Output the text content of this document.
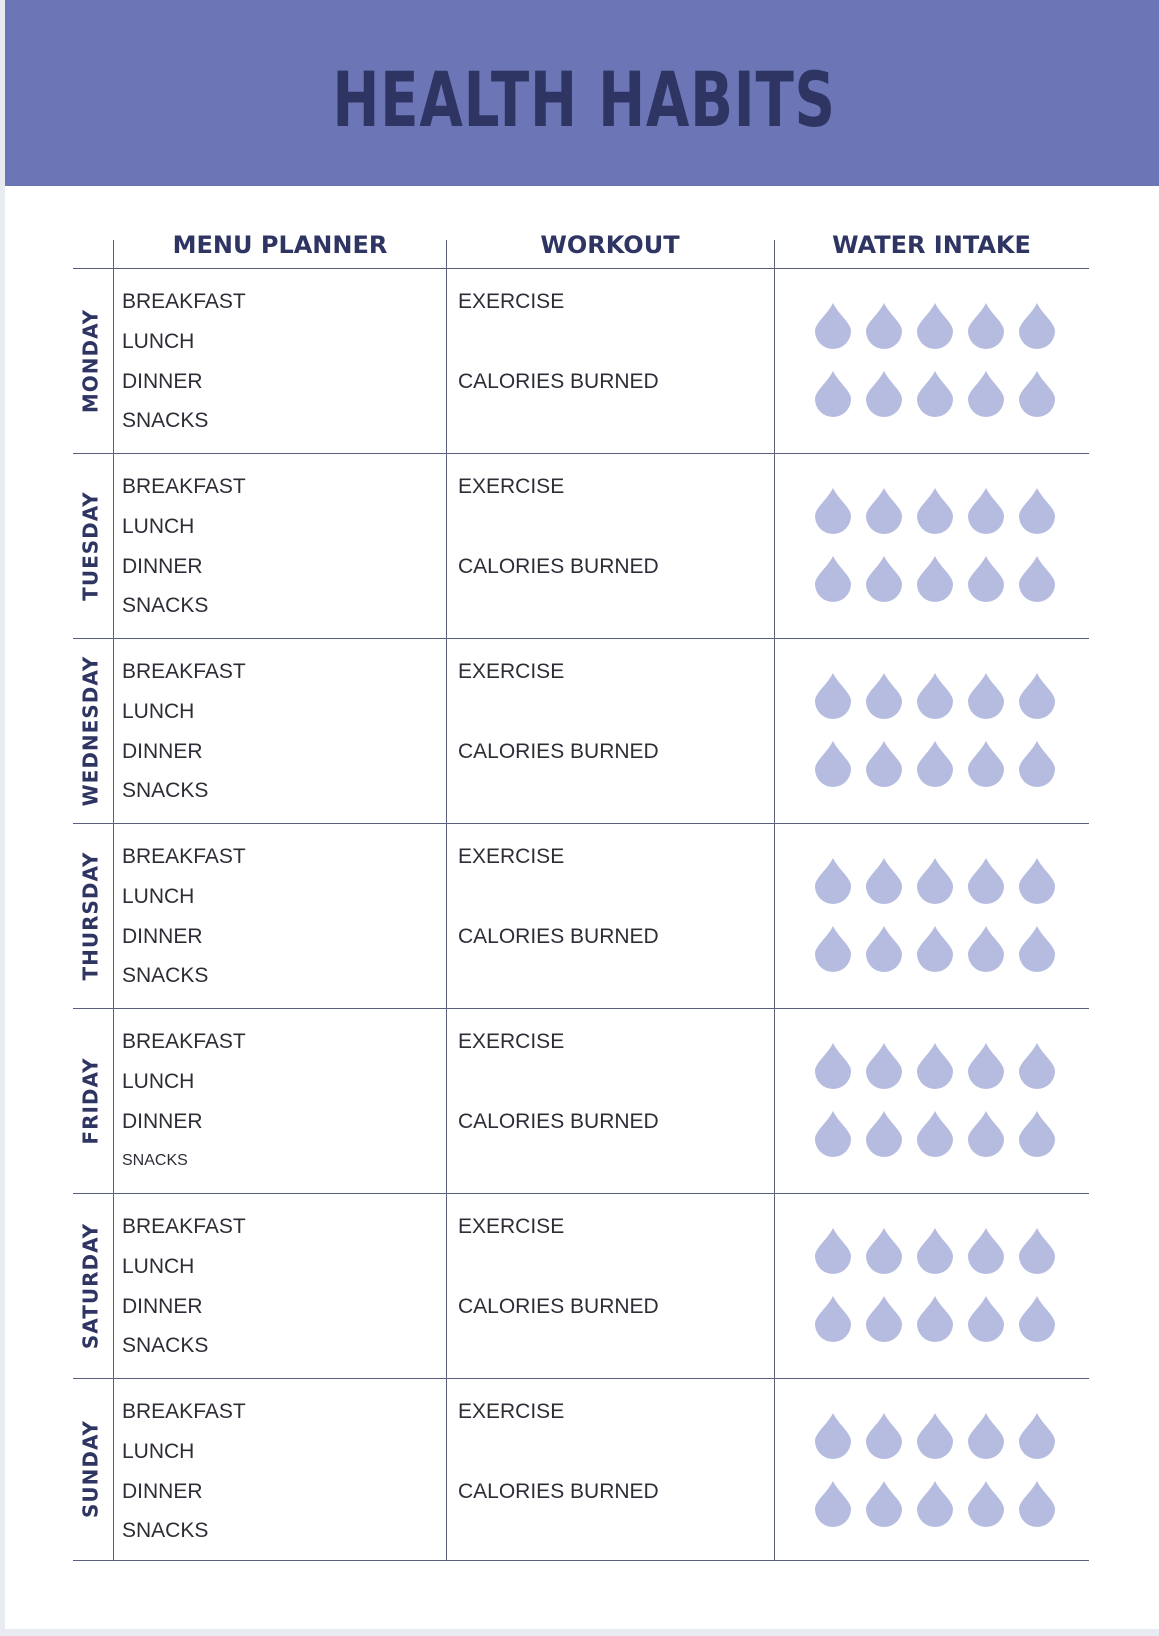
HEALTH HABITS
MENU PLANNER	WORKOUT	WATER INTAKE
MONDAY
BREAKFAST
LUNCH
DINNER
SNACKS
EXERCISE
CALORIES BURNED
TUESDAY
BREAKFAST
LUNCH
DINNER
SNACKS
EXERCISE
CALORIES BURNED
WEDNESDAY BREAKFAST
LUNCH
DINNER
SNACKS
EXERCISE
CALORIES BURNED
THURSDAY BREAKFAST
LUNCH
DINNER
SNACKS
EXERCISE
CALORIES BURNED
FRIDAY
BREAKFAST
LUNCH
DINNER
SNACKS
EXERCISE
CALORIES BURNED
SATURDAY BREAKFAST
LUNCH
DINNER
SNACKS
EXERCISE
CALORIES BURNED
SUNDAY
BREAKFAST
LUNCH
DINNER
SNACKS
EXERCISE
CALORIES BURNED
